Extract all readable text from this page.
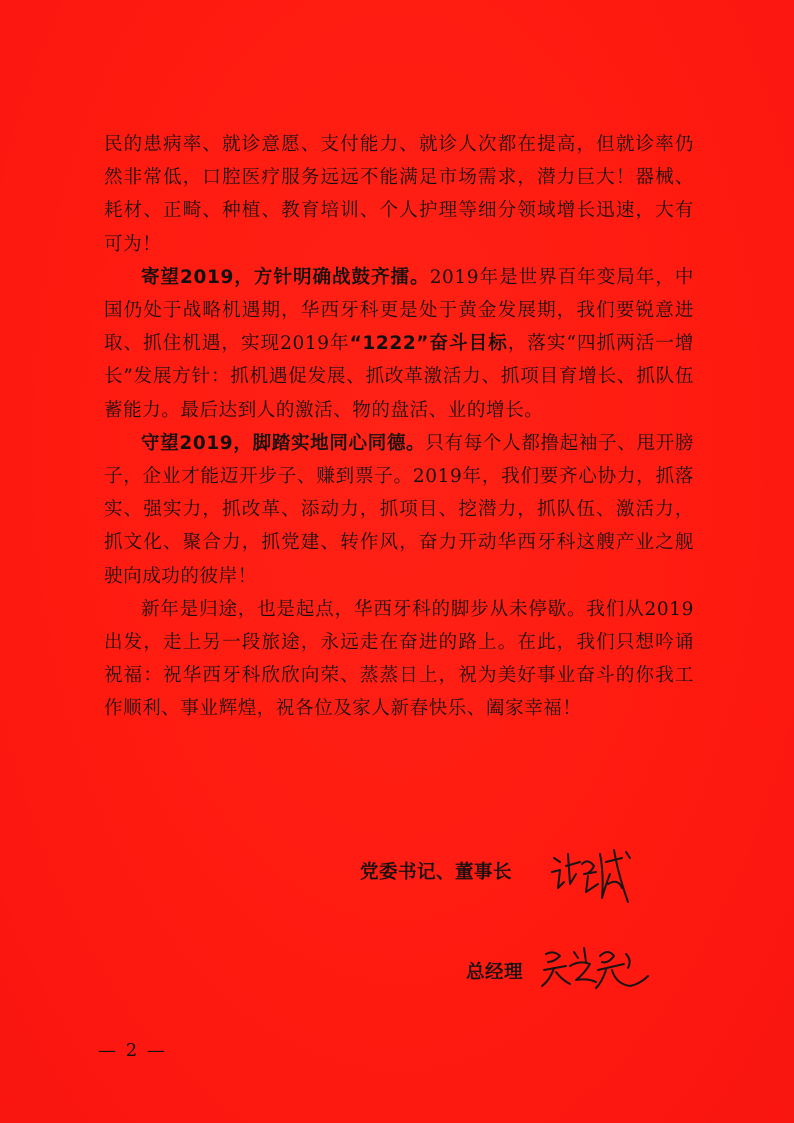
民的患病率、就诊意愿、支付能力、就诊人次都在提高，但就诊率仍然非常低，口腔医疗服务远远不能满足市场需求，潜力巨大！器械、耗材、正畸、种植、教育培训、个人护理等细分领域增长迅速，大有可为！

寄望2019，方针明确战鼓齐擂。2019年是世界百年变局年，中国仍处于战略机遇期，华西牙科更是处于黄金发展期，我们要锐意进取、抓住机遇，实现2019年“1222”奋斗目标，落实“四抓两活一增长”发展方针：抓机遇促发展、抓改革激活力、抓项目育增长、抓队伍蓄能力。最后达到人的激活、物的盘活、业的增长。

守望2019，脚踏实地同心同德。只有每个人都撸起袖子、甩开膀子，企业才能迈开步子、赚到票子。2019年，我们要齐心协力，抓落实、强实力，抓改革、添动力，抓项目、挖潜力，抓队伍、激活力，抓文化、聚合力，抓党建、转作风，奋力开动华西牙科这艘产业之舰驶向成功的彼岸！

新年是归途，也是起点，华西牙科的脚步从未停歇。我们从2019出发，走上另一段旅途，永远走在奋进的路上。在此，我们只想吟诵祝福：祝华西牙科欣欣向荣、蒸蒸日上，祝为美好事业奋斗的你我工作顺利、事业辉煌，祝各位及家人新春快乐、阖家幸福！

党委书记、董事长
总经理
— 2 —
